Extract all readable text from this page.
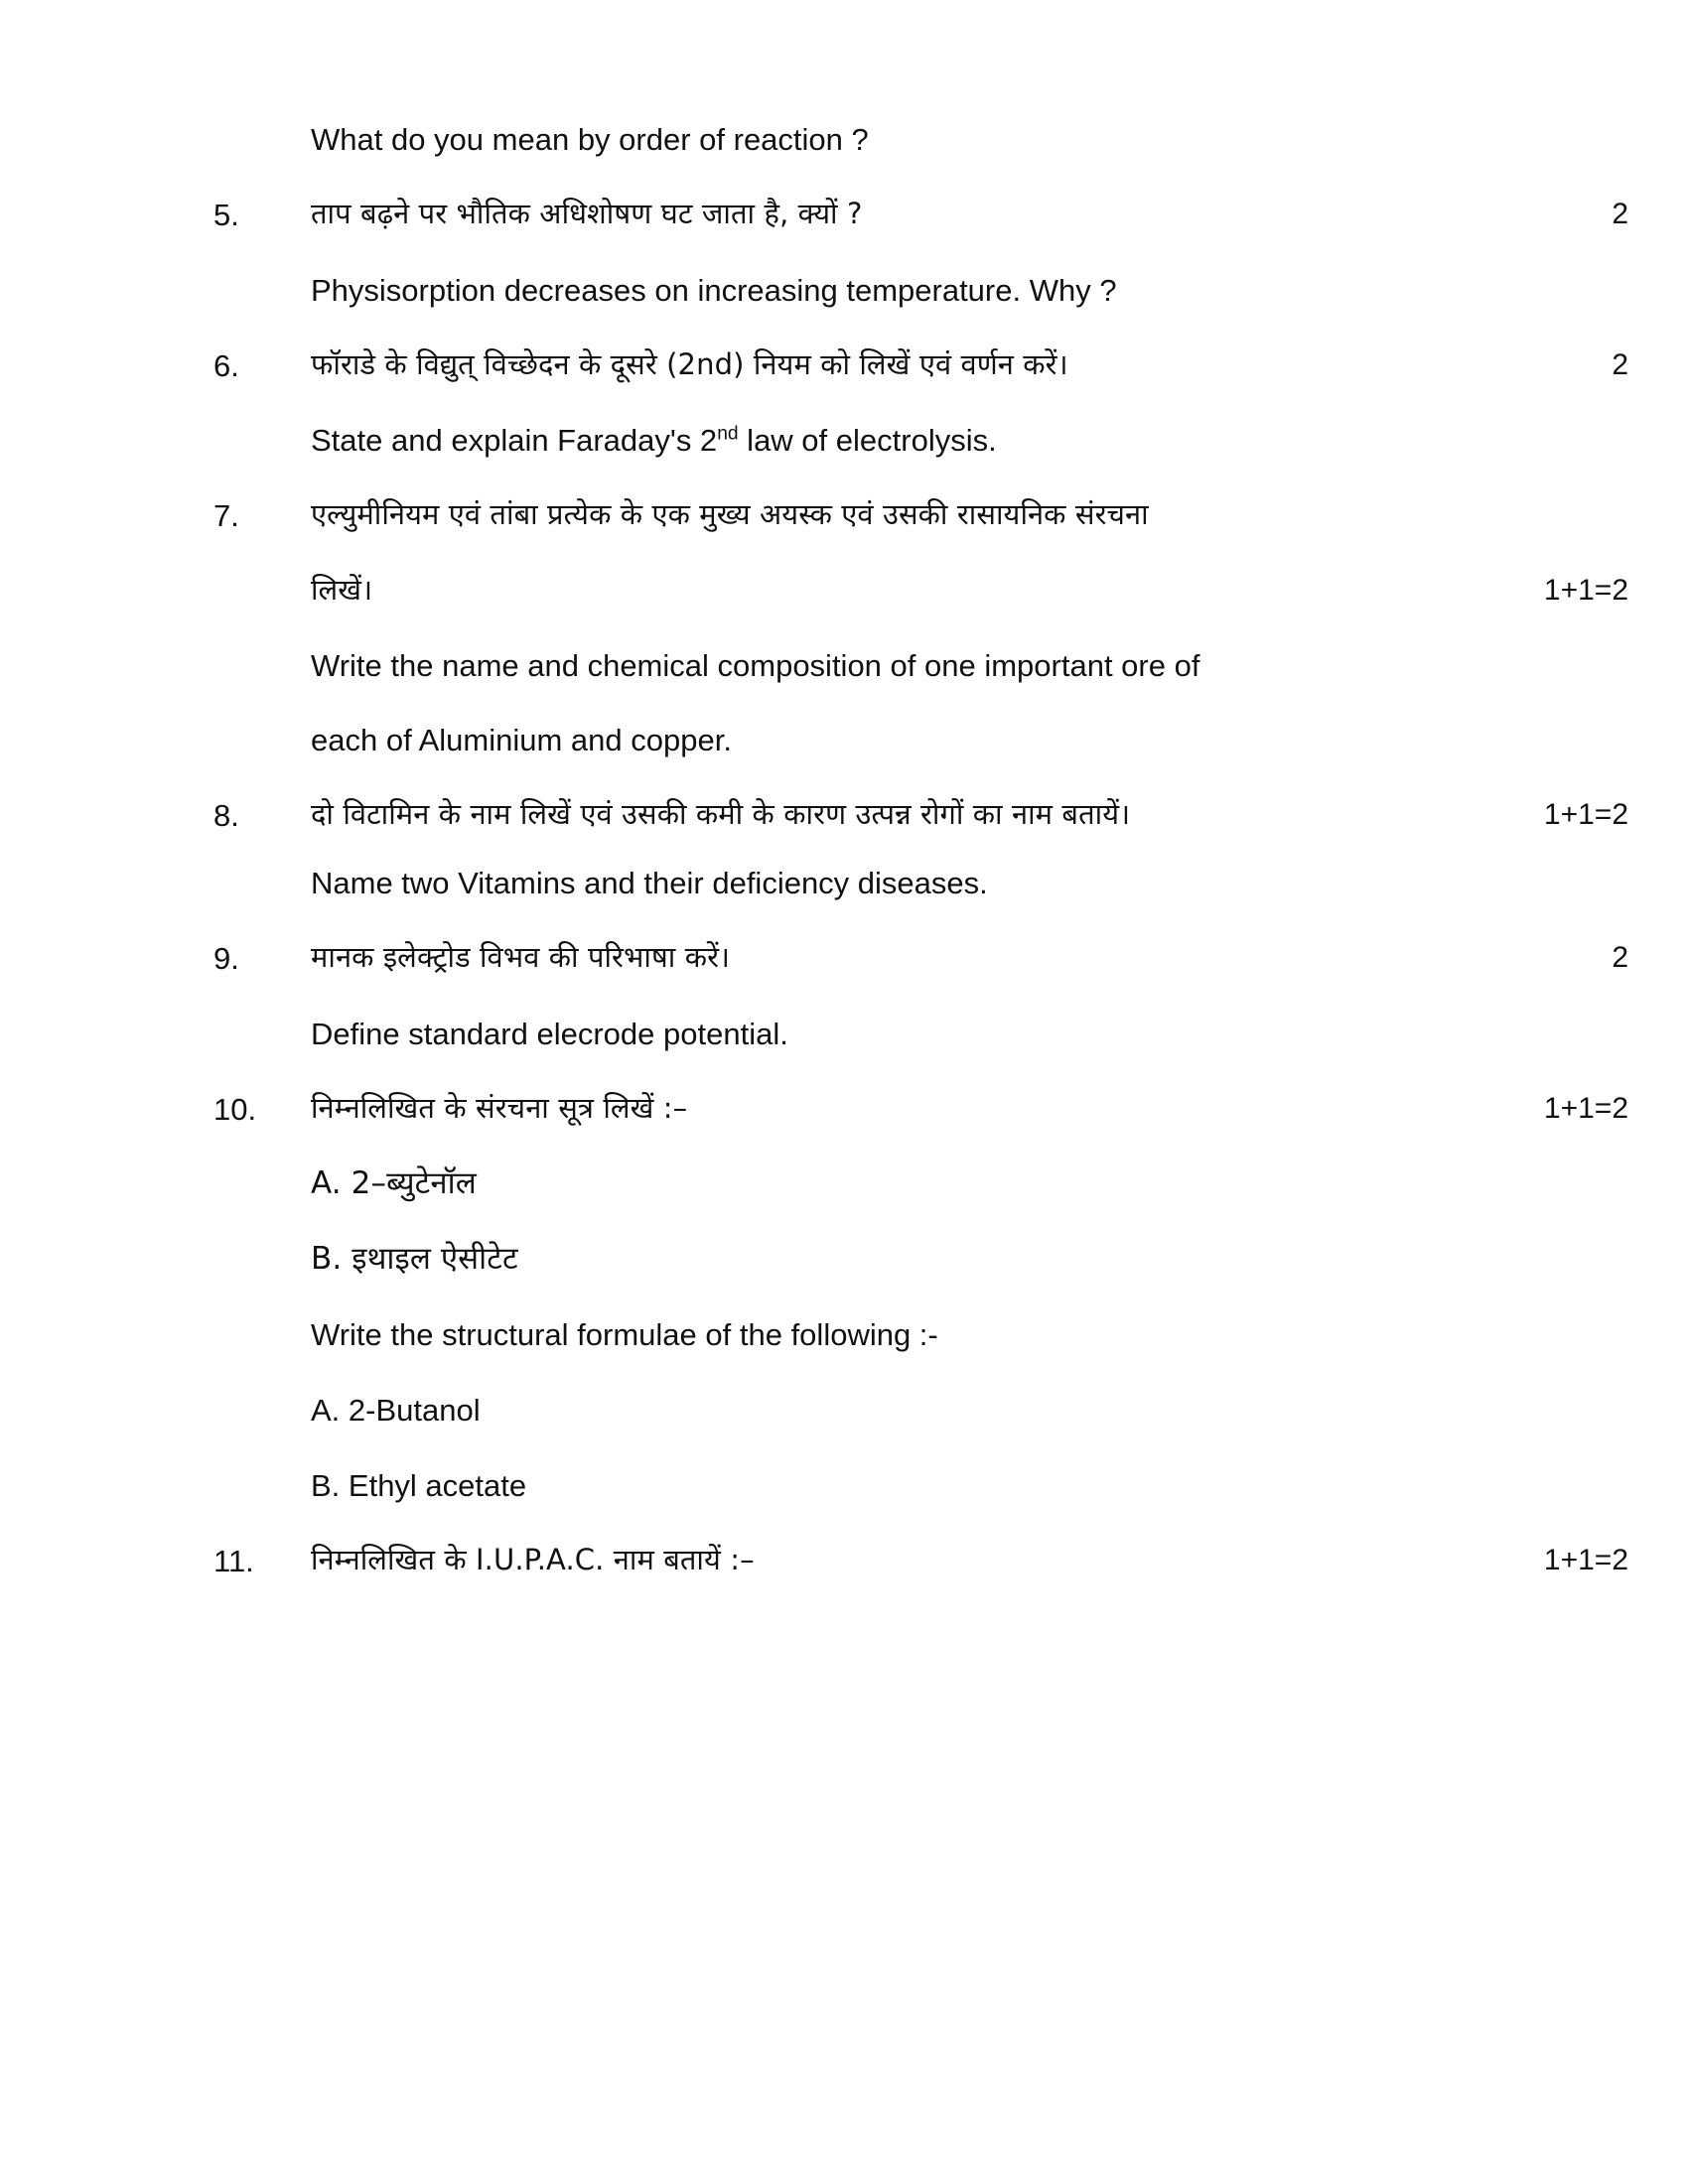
What do you mean by order of reaction ?
5.	ताप बढ़ने पर भौतिक अधिशोषण घट जाता है, क्यों ?	2
Physisorption decreases on increasing temperature. Why ?
6.	फॉराडे के विद्युत् विच्छेदन के दूसरे (2nd) नियम को लिखें एवं वर्णन करें।	2
State and explain Faraday's 2nd law of electrolysis.
7.	एल्युमीनियम एवं तांबा प्रत्येक के एक मुख्य अयस्क एवं उसकी रासायनिक संरचना
लिखें।	1+1=2
Write the name and chemical composition of one important ore of
each of Aluminium and copper.
8.	दो विटामिन के नाम लिखें एवं उसकी कमी के कारण उत्पन्न रोगों का नाम बतायें।	1+1=2
Name two Vitamins and their deficiency diseases.
9.	मानक इलेक्ट्रोड विभव की परिभाषा करें।	2
Define standard elecrode potential.
10.	निम्नलिखित के संरचना सूत्र लिखें :–	1+1=2
A. 2–ब्युटेनॉल
B. इथाइल ऐसीटेट
Write the structural formulae of the following :-
A. 2-Butanol
B. Ethyl acetate
11.	निम्नलिखित के I.U.P.A.C. नाम बतायें :–	1+1=2
